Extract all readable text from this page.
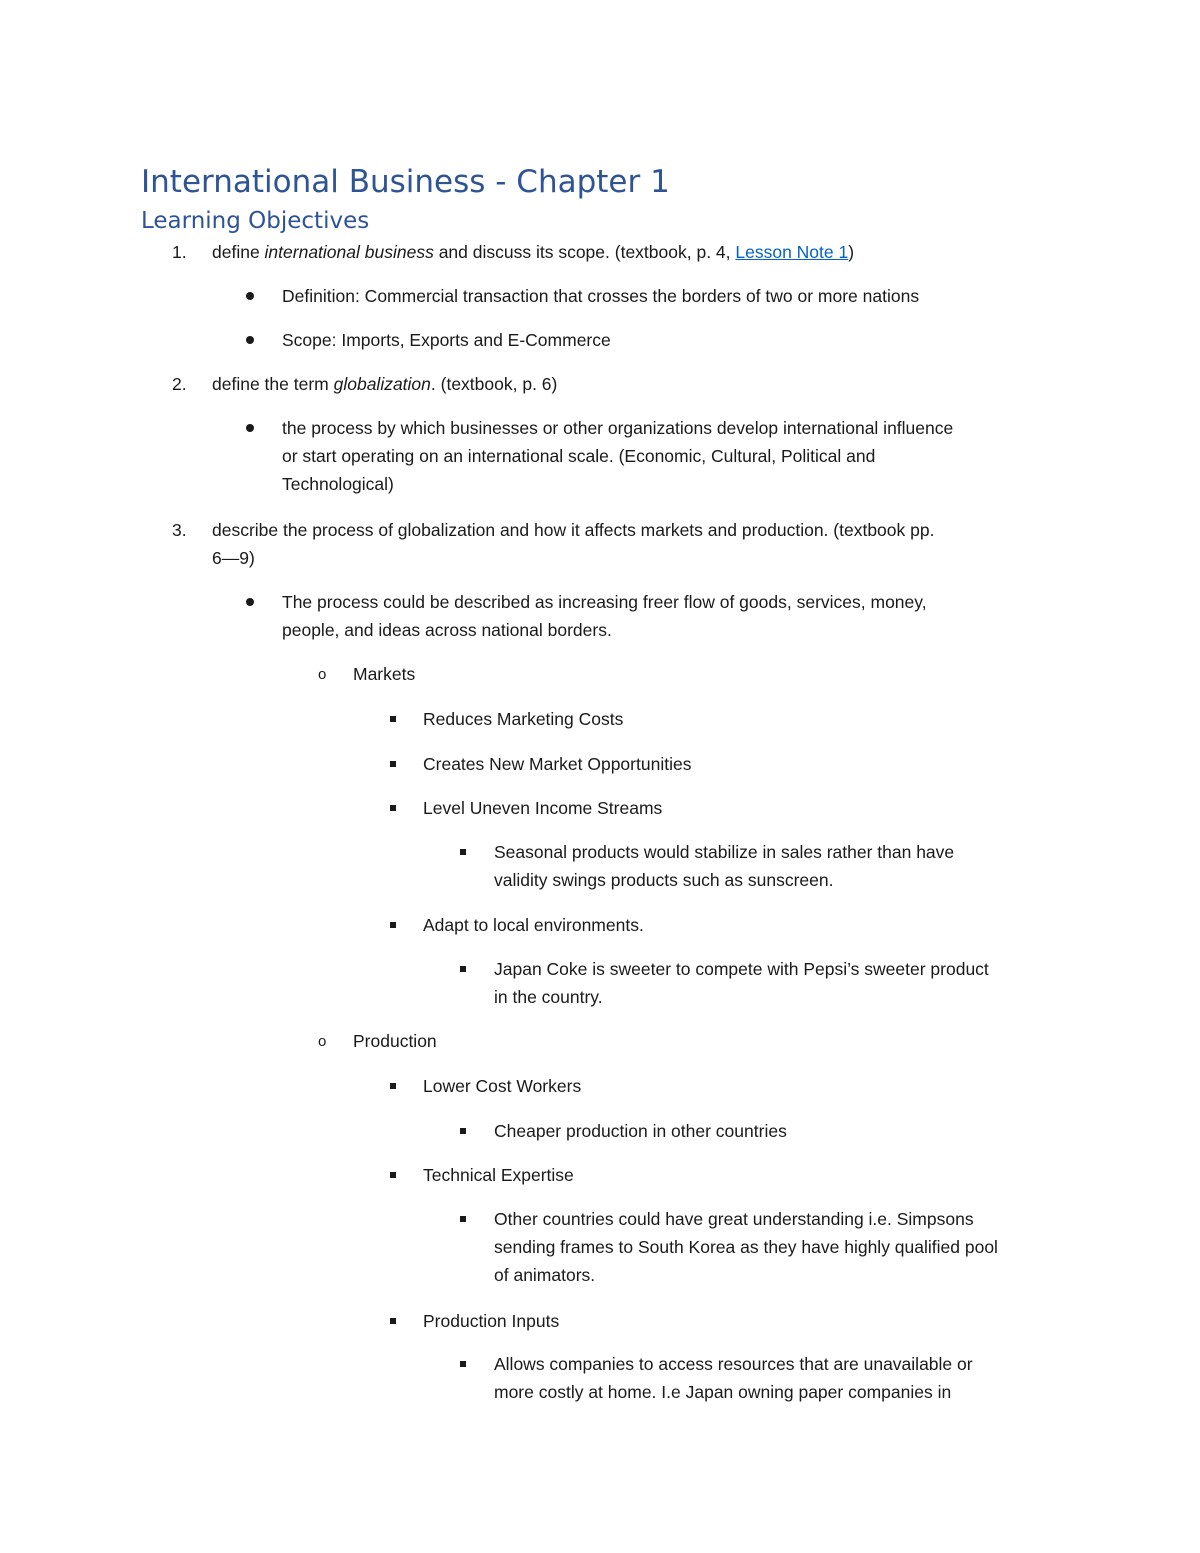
International Business - Chapter 1
Learning Objectives
1. define international business and discuss its scope. (textbook, p. 4, Lesson Note 1)
Definition: Commercial transaction that crosses the borders of two or more nations
Scope: Imports, Exports and E-Commerce
2. define the term globalization. (textbook, p. 6)
the process by which businesses or other organizations develop international influence
or start operating on an international scale. (Economic, Cultural, Political and
Technological)
3. describe the process of globalization and how it affects markets and production. (textbook pp.
6—9)
The process could be described as increasing freer flow of goods, services, money,
people, and ideas across national borders.
o Markets
Reduces Marketing Costs
Creates New Market Opportunities
Level Uneven Income Streams
Seasonal products would stabilize in sales rather than have
validity swings products such as sunscreen.
Adapt to local environments.
Japan Coke is sweeter to compete with Pepsi’s sweeter product
in the country.
o Production
Lower Cost Workers
Cheaper production in other countries
Technical Expertise
Other countries could have great understanding i.e. Simpsons
sending frames to South Korea as they have highly qualified pool
of animators.
Production Inputs
Allows companies to access resources that are unavailable or
more costly at home. I.e Japan owning paper companies in
